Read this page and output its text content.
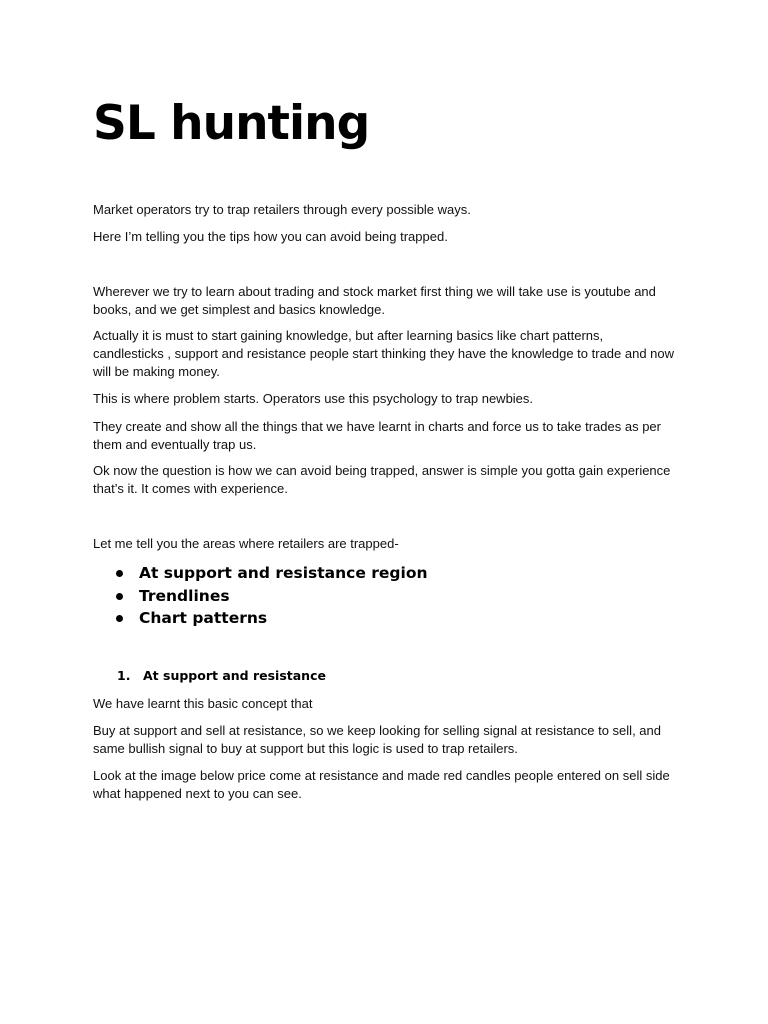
SL hunting

Market operators try to trap retailers through every possible ways.

Here I’m telling you the tips how you can avoid being trapped.

Wherever we try to learn about trading and stock market first thing we will take use is youtube and books, and we get simplest and basics knowledge.

Actually it is must to start gaining knowledge, but after learning basics like chart patterns, candlesticks , support and resistance people start thinking they have the knowledge to trade and now will be making money.

This is where problem starts. Operators use this psychology to trap newbies.

They create and show all the things that we have learnt in charts and force us to take trades as per them and eventually trap us.

Ok now the question is how we can avoid being trapped, answer is simple you gotta gain experience that’s it. It comes with experience.

Let me tell you the areas where retailers are trapped-

At support and resistance region
Trendlines
Chart patterns
1. At support and resistance

We have learnt this basic concept that

Buy at support and sell at resistance, so we keep looking for selling signal at resistance to sell, and same bullish signal to buy at support but this logic is used to trap retailers.

Look at the image below price come at resistance and made red candles people entered on sell side what happened next to you can see.
